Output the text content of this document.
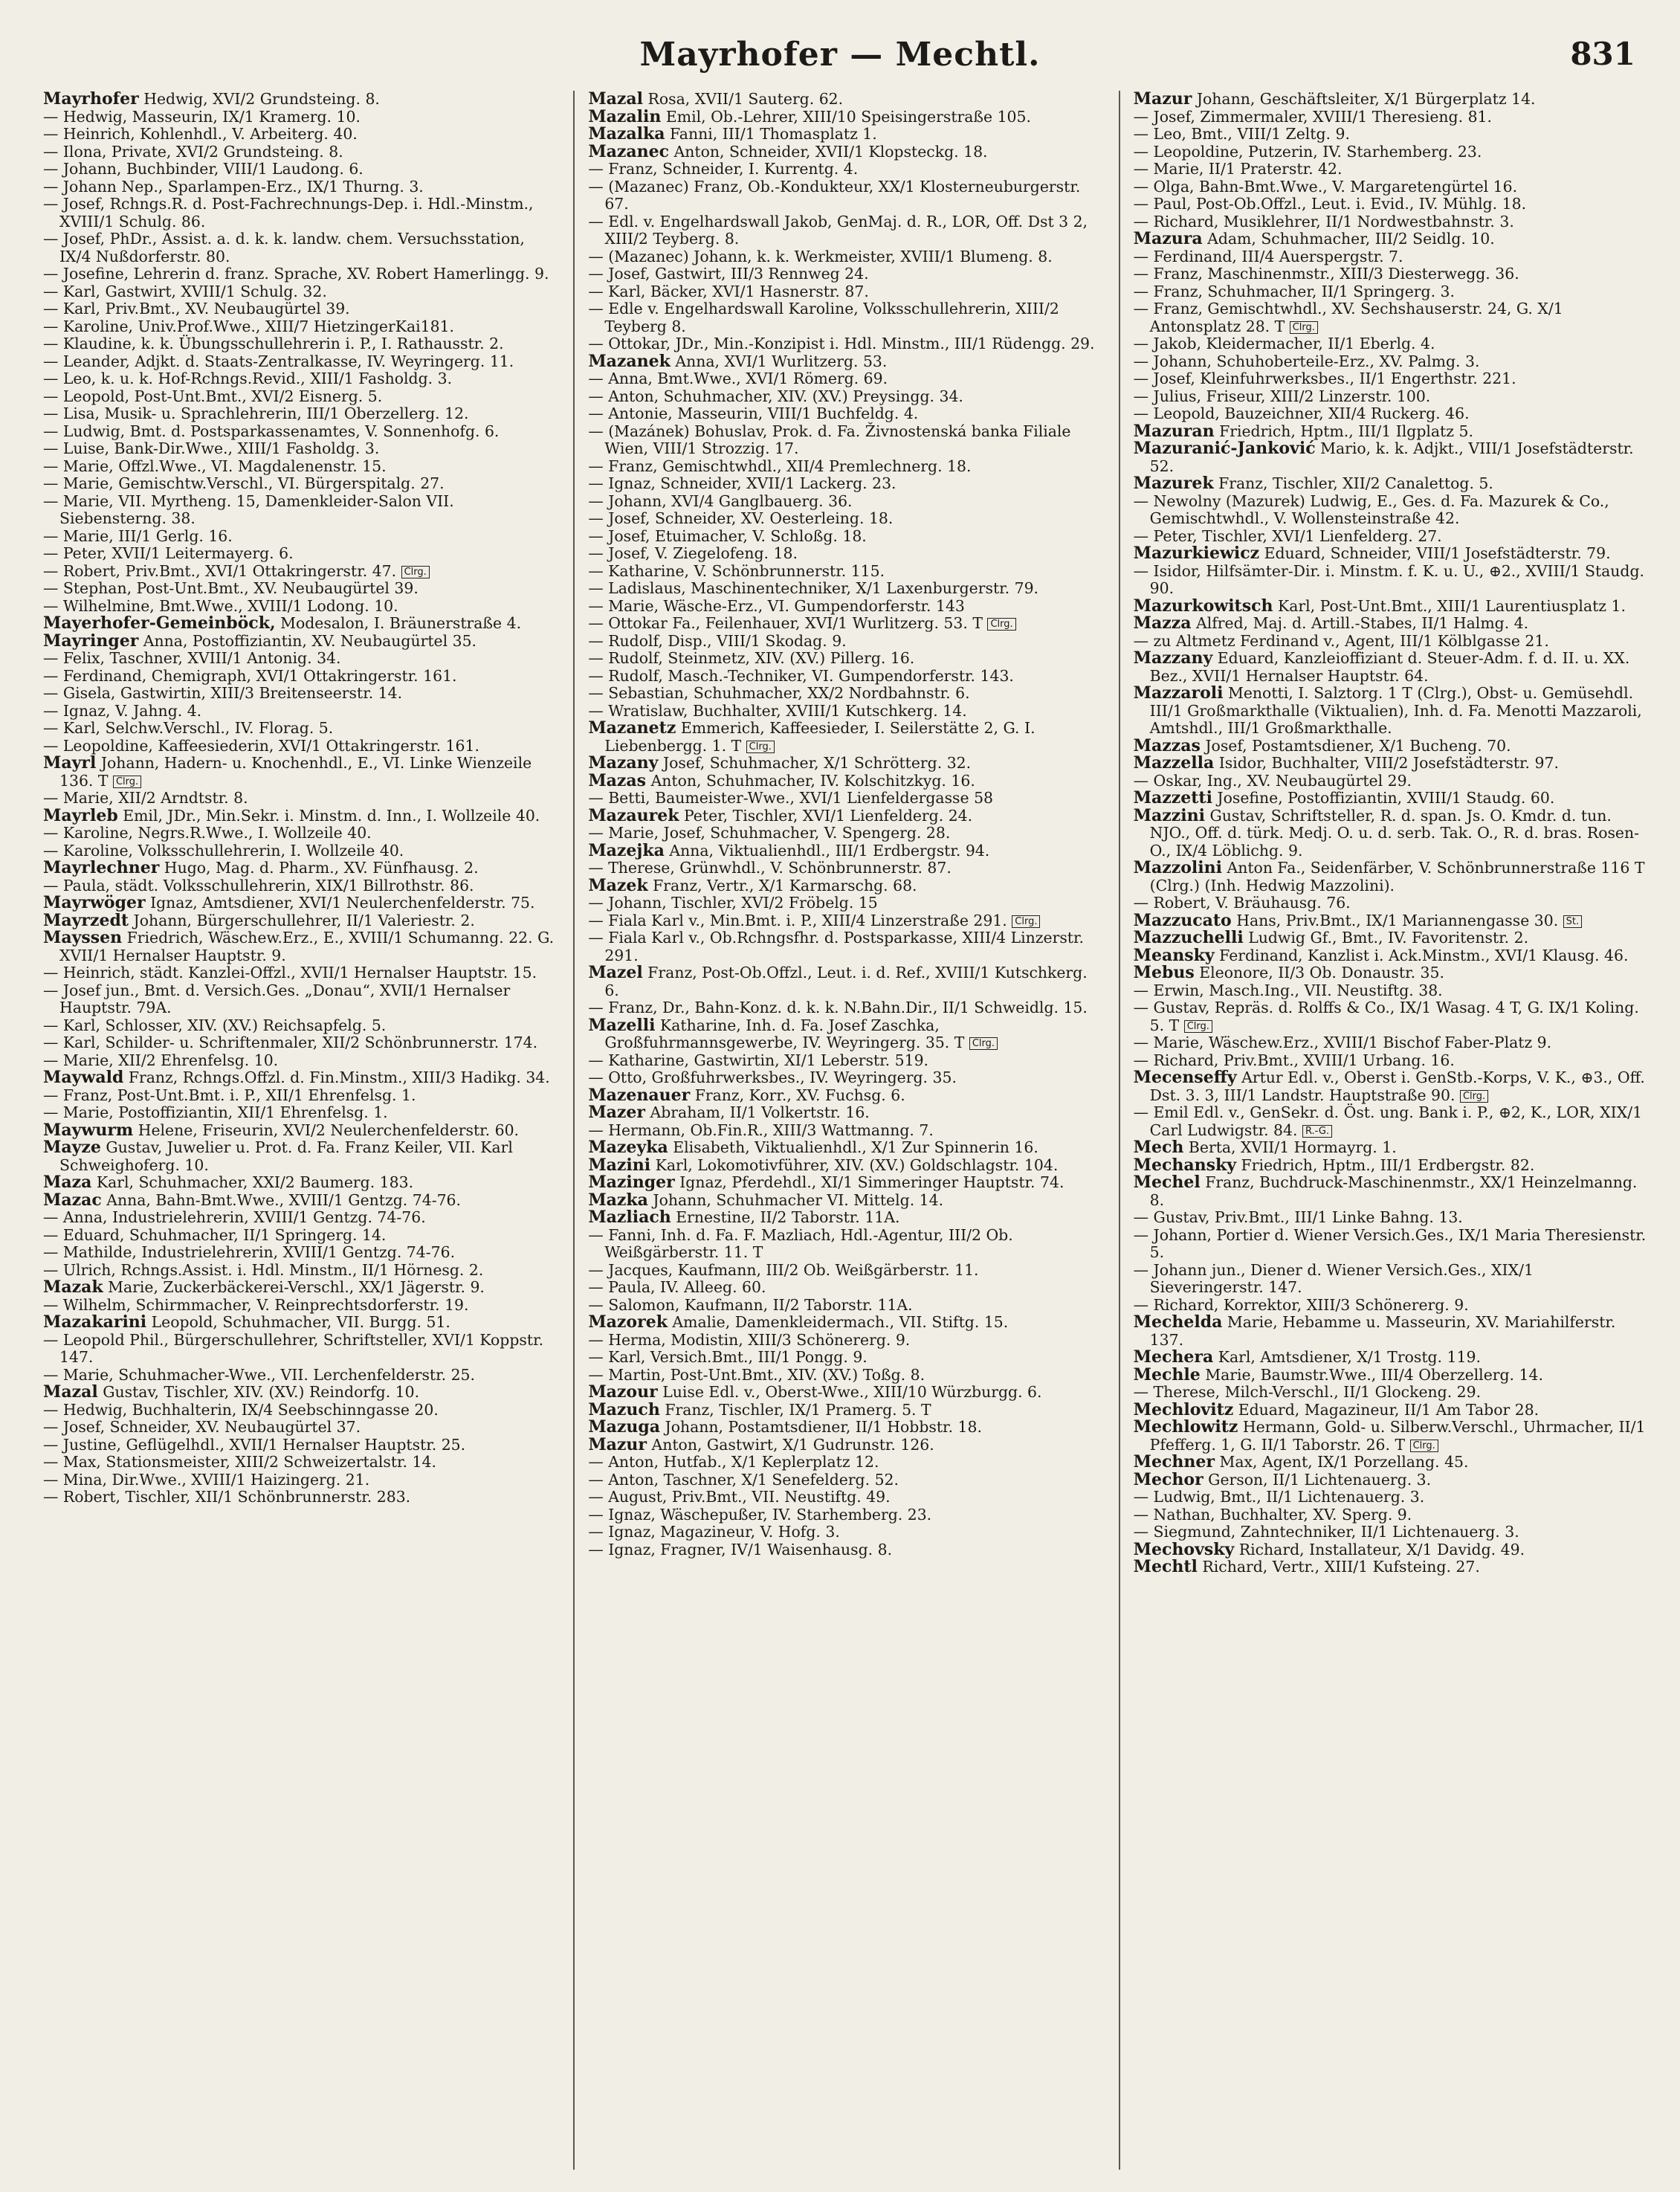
Mayrhofer — Mechtl.	831

Mayrhofer Hedwig, XVI/2 Grundsteing. 8.

— Hedwig, Masseurin, IX/1 Kramerg. 10.

— Heinrich, Kohlenhdl., V. Arbeiterg. 40.

— Ilona, Private, XVI/2 Grundsteing. 8.

— Johann, Buchbinder, VIII/1 Laudong. 6.

— Johann Nep., Sparlampen-Erz., IX/1 Thurng. 3.

— Josef, Rchngs.R. d. Post-Fachrechnungs-Dep. i. Hdl.-Minstm., XVIII/1 Schulg. 86.

— Josef, PhDr., Assist. a. d. k. k. landw. chem. Versuchsstation, IX/4 Nußdorferstr. 80.

— Josefine, Lehrerin d. franz. Sprache, XV. Robert Hamerlingg. 9.

— Karl, Gastwirt, XVIII/1 Schulg. 32.

— Karl, Priv.Bmt., XV. Neubaugürtel 39.

— Karoline, Univ.Prof.Wwe., XIII/7 HietzingerKai181.

— Klaudine, k. k. Übungsschullehrerin i. P., I. Rathausstr. 2.

— Leander, Adjkt. d. Staats-Zentralkasse, IV. Weyringerg. 11.

— Leo, k. u. k. Hof-Rchngs.Revid., XIII/1 Fasholdg. 3.

— Leopold, Post-Unt.Bmt., XVI/2 Eisnerg. 5.

— Lisa, Musik- u. Sprachlehrerin, III/1 Oberzellerg. 12.

— Ludwig, Bmt. d. Postsparkassenamtes, V. Sonnenhofg. 6.

— Luise, Bank-Dir.Wwe., XIII/1 Fasholdg. 3.

— Marie, Offzl.Wwe., VI. Magdalenenstr. 15.

— Marie, Gemischtw.Verschl., VI. Bürgerspitalg. 27.

— Marie, VII. Myrtheng. 15, Damenkleider-Salon VII. Siebensterng. 38.

— Marie, III/1 Gerlg. 16.

— Peter, XVII/1 Leitermayerg. 6.

— Robert, Priv.Bmt., XVI/1 Ottakringerstr. 47. Clrg.

— Stephan, Post-Unt.Bmt., XV. Neubaugürtel 39.

— Wilhelmine, Bmt.Wwe., XVIII/1 Lodong. 10.

Mayerhofer-Gemeinböck, Modesalon, I. Bräunerstraße 4.

Mayringer Anna, Postoffiziantin, XV. Neubaugürtel 35.

— Felix, Taschner, XVIII/1 Antonig. 34.

— Ferdinand, Chemigraph, XVI/1 Ottakringerstr. 161.

— Gisela, Gastwirtin, XIII/3 Breitenseerstr. 14.

— Ignaz, V. Jahng. 4.

— Karl, Selchw.Verschl., IV. Florag. 5.

— Leopoldine, Kaffeesiederin, XVI/1 Ottakringerstr. 161.

Mayrl Johann, Hadern- u. Knochenhdl., E., VI. Linke Wienzeile 136. T Clrg.

— Marie, XII/2 Arndtstr. 8.

Mayrleb Emil, JDr., Min.Sekr. i. Minstm. d. Inn., I. Wollzeile 40.

— Karoline, Negrs.R.Wwe., I. Wollzeile 40.

— Karoline, Volksschullehrerin, I. Wollzeile 40.

Mayrlechner Hugo, Mag. d. Pharm., XV. Fünfhausg. 2.

— Paula, städt. Volksschullehrerin, XIX/1 Billrothstr. 86.

Mayrwöger Ignaz, Amtsdiener, XVI/1 Neulerchenfelderstr. 75.

Mayrzedt Johann, Bürgerschullehrer, II/1 Valeriestr. 2.

Mayssen Friedrich, Wäschew.Erz., E., XVIII/1 Schumanng. 22. G. XVII/1 Hernalser Hauptstr. 9.

— Heinrich, städt. Kanzlei-Offzl., XVII/1 Hernalser Hauptstr. 15.

— Josef jun., Bmt. d. Versich.Ges. „Donau“, XVII/1 Hernalser Hauptstr. 79A.

— Karl, Schlosser, XIV. (XV.) Reichsapfelg. 5.

— Karl, Schilder- u. Schriftenmaler, XII/2 Schönbrunnerstr. 174.

— Marie, XII/2 Ehrenfelsg. 10.

Maywald Franz, Rchngs.Offzl. d. Fin.Minstm., XIII/3 Hadikg. 34.

— Franz, Post-Unt.Bmt. i. P., XII/1 Ehrenfelsg. 1.

— Marie, Postoffiziantin, XII/1 Ehrenfelsg. 1.

Maywurm Helene, Friseurin, XVI/2 Neulerchenfelderstr. 60.

Mayze Gustav, Juwelier u. Prot. d. Fa. Franz Keiler, VII. Karl Schweighoferg. 10.

Maza Karl, Schuhmacher, XXI/2 Baumerg. 183.

Mazac Anna, Bahn-Bmt.Wwe., XVIII/1 Gentzg. 74-76.

— Anna, Industrielehrerin, XVIII/1 Gentzg. 74-76.

— Eduard, Schuhmacher, II/1 Springerg. 14.

— Mathilde, Industrielehrerin, XVIII/1 Gentzg. 74-76.

— Ulrich, Rchngs.Assist. i. Hdl. Minstm., II/1 Hörnesg. 2.

Mazak Marie, Zuckerbäckerei-Verschl., XX/1 Jägerstr. 9.

— Wilhelm, Schirmmacher, V. Reinprechtsdorferstr. 19.

Mazakarini Leopold, Schuhmacher, VII. Burgg. 51.

— Leopold Phil., Bürgerschullehrer, Schriftsteller, XVI/1 Koppstr. 147.

— Marie, Schuhmacher-Wwe., VII. Lerchenfelderstr. 25.

Mazal Gustav, Tischler, XIV. (XV.) Reindorfg. 10.

— Hedwig, Buchhalterin, IX/4 Seebschinngasse 20.

— Josef, Schneider, XV. Neubaugürtel 37.

— Justine, Geflügelhdl., XVII/1 Hernalser Hauptstr. 25.

— Max, Stationsmeister, XIII/2 Schweizertalstr. 14.

— Mina, Dir.Wwe., XVIII/1 Haizingerg. 21.

— Robert, Tischler, XII/1 Schönbrunnerstr. 283.

Mazal Rosa, XVII/1 Sauterg. 62.

Mazalin Emil, Ob.-Lehrer, XIII/10 Speisingerstraße 105.

Mazalka Fanni, III/1 Thomasplatz 1.

Mazanec Anton, Schneider, XVII/1 Klopsteckg. 18.

— Franz, Schneider, I. Kurrentg. 4.

— (Mazanec) Franz, Ob.-Kondukteur, XX/1 Klosterneuburgerstr. 67.

— Edl. v. Engelhardswall Jakob, GenMaj. d. R., LOR, Off. Dst 3 2, XIII/2 Teyberg. 8.

— (Mazanec) Johann, k. k. Werkmeister, XVIII/1 Blumeng. 8.

— Josef, Gastwirt, III/3 Rennweg 24.

— Karl, Bäcker, XVI/1 Hasnerstr. 87.

— Edle v. Engelhardswall Karoline, Volksschullehrerin, XIII/2 Teyberg 8.

— Ottokar, JDr., Min.-Konzipist i. Hdl. Minstm., III/1 Rüdengg. 29.

Mazanek Anna, XVI/1 Wurlitzerg. 53.

— Anna, Bmt.Wwe., XVI/1 Römerg. 69.

— Anton, Schuhmacher, XIV. (XV.) Preysingg. 34.

— Antonie, Masseurin, VIII/1 Buchfeldg. 4.

— (Mazánek) Bohuslav, Prok. d. Fa. Živnostenská banka Filiale Wien, VIII/1 Strozzig. 17.

— Franz, Gemischtwhdl., XII/4 Premlechnerg. 18.

— Ignaz, Schneider, XVII/1 Lackerg. 23.

— Johann, XVI/4 Ganglbauerg. 36.

— Josef, Schneider, XV. Oesterleing. 18.

— Josef, Etuimacher, V. Schloßg. 18.

— Josef, V. Ziegelofeng. 18.

— Katharine, V. Schönbrunnerstr. 115.

— Ladislaus, Maschinentechniker, X/1 Laxenburgerstr. 79.

— Marie, Wäsche-Erz., VI. Gumpendorferstr. 143

— Ottokar Fa., Feilenhauer, XVI/1 Wurlitzerg. 53. T Clrg.

— Rudolf, Disp., VIII/1 Skodag. 9.

— Rudolf, Steinmetz, XIV. (XV.) Pillerg. 16.

— Rudolf, Masch.-Techniker, VI. Gumpendorferstr. 143.

— Sebastian, Schuhmacher, XX/2 Nordbahnstr. 6.

— Wratislaw, Buchhalter, XVIII/1 Kutschkerg. 14.

Mazanetz Emmerich, Kaffeesieder, I. Seilerstätte 2, G. I. Liebenbergg. 1. T Clrg.

Mazany Josef, Schuhmacher, X/1 Schrötterg. 32.

Mazas Anton, Schuhmacher, IV. Kolschitzkyg. 16.

— Betti, Baumeister-Wwe., XVI/1 Lienfeldergasse 58

Mazaurek Peter, Tischler, XVI/1 Lienfelderg. 24.

— Marie, Josef, Schuhmacher, V. Spengerg. 28.

Mazejka Anna, Viktualienhdl., III/1 Erdbergstr. 94.

— Therese, Grünwhdl., V. Schönbrunnerstr. 87.

Mazek Franz, Vertr., X/1 Karmarschg. 68.

— Johann, Tischler, XVI/2 Fröbelg. 15

— Fiala Karl v., Min.Bmt. i. P., XIII/4 Linzerstraße 291. Clrg.

— Fiala Karl v., Ob.Rchngsfhr. d. Postsparkasse, XIII/4 Linzerstr. 291.

Mazel Franz, Post-Ob.Offzl., Leut. i. d. Ref., XVIII/1 Kutschkerg. 6.

— Franz, Dr., Bahn-Konz. d. k. k. N.Bahn.Dir., II/1 Schweidlg. 15.

Mazelli Katharine, Inh. d. Fa. Josef Zaschka, Großfuhrmannsgewerbe, IV. Weyringerg. 35. T Clrg.

— Katharine, Gastwirtin, XI/1 Leberstr. 519.

— Otto, Großfuhrwerksbes., IV. Weyringerg. 35.

Mazenauer Franz, Korr., XV. Fuchsg. 6.

Mazer Abraham, II/1 Volkertstr. 16.

— Hermann, Ob.Fin.R., XIII/3 Wattmanng. 7.

Mazeyka Elisabeth, Viktualienhdl., X/1 Zur Spinnerin 16.

Mazini Karl, Lokomotivführer, XIV. (XV.) Goldschlagstr. 104.

Mazinger Ignaz, Pferdehdl., XI/1 Simmeringer Hauptstr. 74.

Mazka Johann, Schuhmacher VI. Mittelg. 14.

Mazliach Ernestine, II/2 Taborstr. 11A.

— Fanni, Inh. d. Fa. F. Mazliach, Hdl.-Agentur, III/2 Ob. Weißgärberstr. 11. T

— Jacques, Kaufmann, III/2 Ob. Weißgärberstr. 11.

— Paula, IV. Alleeg. 60.

— Salomon, Kaufmann, II/2 Taborstr. 11A.

Mazorek Amalie, Damenkleidermach., VII. Stiftg. 15.

— Herma, Modistin, XIII/3 Schönererg. 9.

— Karl, Versich.Bmt., III/1 Pongg. 9.

— Martin, Post-Unt.Bmt., XIV. (XV.) Toßg. 8.

Mazour Luise Edl. v., Oberst-Wwe., XIII/10 Würzburgg. 6.

Mazuch Franz, Tischler, IX/1 Pramerg. 5. T

Mazuga Johann, Postamtsdiener, II/1 Hobbstr. 18.

Mazur Anton, Gastwirt, X/1 Gudrunstr. 126.

— Anton, Hutfab., X/1 Keplerplatz 12.

— Anton, Taschner, X/1 Senefelderg. 52.

— August, Priv.Bmt., VII. Neustiftg. 49.

— Ignaz, Wäschepußer, IV. Starhemberg. 23.

— Ignaz, Magazineur, V. Hofg. 3.

— Ignaz, Fragner, IV/1 Waisenhausg. 8.

Mazur Johann, Geschäftsleiter, X/1 Bürgerplatz 14.

— Josef, Zimmermaler, XVIII/1 Theresieng. 81.

— Leo, Bmt., VIII/1 Zeltg. 9.

— Leopoldine, Putzerin, IV. Starhemberg. 23.

— Marie, II/1 Praterstr. 42.

— Olga, Bahn-Bmt.Wwe., V. Margaretengürtel 16.

— Paul, Post-Ob.Offzl., Leut. i. Evid., IV. Mühlg. 18.

— Richard, Musiklehrer, II/1 Nordwestbahnstr. 3.

Mazura Adam, Schuhmacher, III/2 Seidlg. 10.

— Ferdinand, III/4 Auerspergstr. 7.

— Franz, Maschinenmstr., XIII/3 Diesterwegg. 36.

— Franz, Schuhmacher, II/1 Springerg. 3.

— Franz, Gemischtwhdl., XV. Sechshauserstr. 24, G. X/1 Antonsplatz 28. T Clrg.

— Jakob, Kleidermacher, II/1 Eberlg. 4.

— Johann, Schuhoberteile-Erz., XV. Palmg. 3.

— Josef, Kleinfuhrwerksbes., II/1 Engerthstr. 221.

— Julius, Friseur, XIII/2 Linzerstr. 100.

— Leopold, Bauzeichner, XII/4 Ruckerg. 46.

Mazuran Friedrich, Hptm., III/1 Ilgplatz 5.

Mazuranić-Janković Mario, k. k. Adjkt., VIII/1 Josefstädterstr. 52.

Mazurek Franz, Tischler, XII/2 Canalettog. 5.

— Newolny (Mazurek) Ludwig, E., Ges. d. Fa. Mazurek & Co., Gemischtwhdl., V. Wollensteinstraße 42.

— Peter, Tischler, XVI/1 Lienfelderg. 27.

Mazurkiewicz Eduard, Schneider, VIII/1 Josefstädterstr. 79.

— Isidor, Hilfsämter-Dir. i. Minstm. f. K. u. U., ⊕2., XVIII/1 Staudg. 90.

Mazurkowitsch Karl, Post-Unt.Bmt., XIII/1 Laurentiusplatz 1.

Mazza Alfred, Maj. d. Artill.-Stabes, II/1 Halmg. 4.

— zu Altmetz Ferdinand v., Agent, III/1 Kölblgasse 21.

Mazzany Eduard, Kanzleioffiziant d. Steuer-Adm. f. d. II. u. XX. Bez., XVII/1 Hernalser Hauptstr. 64.

Mazzaroli Menotti, I. Salztorg. 1 T (Clrg.), Obst- u. Gemüsehdl. III/1 Großmarkthalle (Viktualien), Inh. d. Fa. Menotti Mazzaroli, Amtshdl., III/1 Großmarkthalle.

Mazzas Josef, Postamtsdiener, X/1 Bucheng. 70.

Mazzella Isidor, Buchhalter, VIII/2 Josefstädterstr. 97.

— Oskar, Ing., XV. Neubaugürtel 29.

Mazzetti Josefine, Postoffiziantin, XVIII/1 Staudg. 60.

Mazzini Gustav, Schriftsteller, R. d. span. Js. O. Kmdr. d. tun. NJO., Off. d. türk. Medj. O. u. d. serb. Tak. O., R. d. bras. Rosen-O., IX/4 Löblichg. 9.

Mazzolini Anton Fa., Seidenfärber, V. Schönbrunnerstraße 116 T (Clrg.) (Inh. Hedwig Mazzolini).

— Robert, V. Bräuhausg. 76.

Mazzucato Hans, Priv.Bmt., IX/1 Mariannengasse 30. St.

Mazzuchelli Ludwig Gf., Bmt., IV. Favoritenstr. 2.

Meansky Ferdinand, Kanzlist i. Ack.Minstm., XVI/1 Klausg. 46.

Mebus Eleonore, II/3 Ob. Donaustr. 35.

— Erwin, Masch.Ing., VII. Neustiftg. 38.

— Gustav, Repräs. d. Rolffs & Co., IX/1 Wasag. 4 T, G. IX/1 Koling. 5. T Clrg.

— Marie, Wäschew.Erz., XVIII/1 Bischof Faber-Platz 9.

— Richard, Priv.Bmt., XVIII/1 Urbang. 16.

Mecenseffy Artur Edl. v., Oberst i. GenStb.-Korps, V. K., ⊕3., Off. Dst. 3. 3, III/1 Landstr. Hauptstraße 90. Clrg.

— Emil Edl. v., GenSekr. d. Öst. ung. Bank i. P., ⊕2, K., LOR, XIX/1 Carl Ludwigstr. 84. R.-G.

Mech Berta, XVII/1 Hormayrg. 1.

Mechansky Friedrich, Hptm., III/1 Erdbergstr. 82.

Mechel Franz, Buchdruck-Maschinenmstr., XX/1 Heinzelmanng. 8.

— Gustav, Priv.Bmt., III/1 Linke Bahng. 13.

— Johann, Portier d. Wiener Versich.Ges., IX/1 Maria Theresienstr. 5.

— Johann jun., Diener d. Wiener Versich.Ges., XIX/1 Sieveringerstr. 147.

— Richard, Korrektor, XIII/3 Schönererg. 9.

Mechelda Marie, Hebamme u. Masseurin, XV. Mariahilferstr. 137.

Mechera Karl, Amtsdiener, X/1 Trostg. 119.

Mechle Marie, Baumstr.Wwe., III/4 Oberzellerg. 14.

— Therese, Milch-Verschl., II/1 Glockeng. 29.

Mechlovitz Eduard, Magazineur, II/1 Am Tabor 28.

Mechlowitz Hermann, Gold- u. Silberw.Verschl., Uhrmacher, II/1 Pfefferg. 1, G. II/1 Taborstr. 26. T Clrg.

Mechner Max, Agent, IX/1 Porzellang. 45.

Mechor Gerson, II/1 Lichtenauerg. 3.

— Ludwig, Bmt., II/1 Lichtenauerg. 3.

— Nathan, Buchhalter, XV. Sperg. 9.

— Siegmund, Zahntechniker, II/1 Lichtenauerg. 3.

Mechovsky Richard, Installateur, X/1 Davidg. 49.

Mechtl Richard, Vertr., XIII/1 Kufsteing. 27.
